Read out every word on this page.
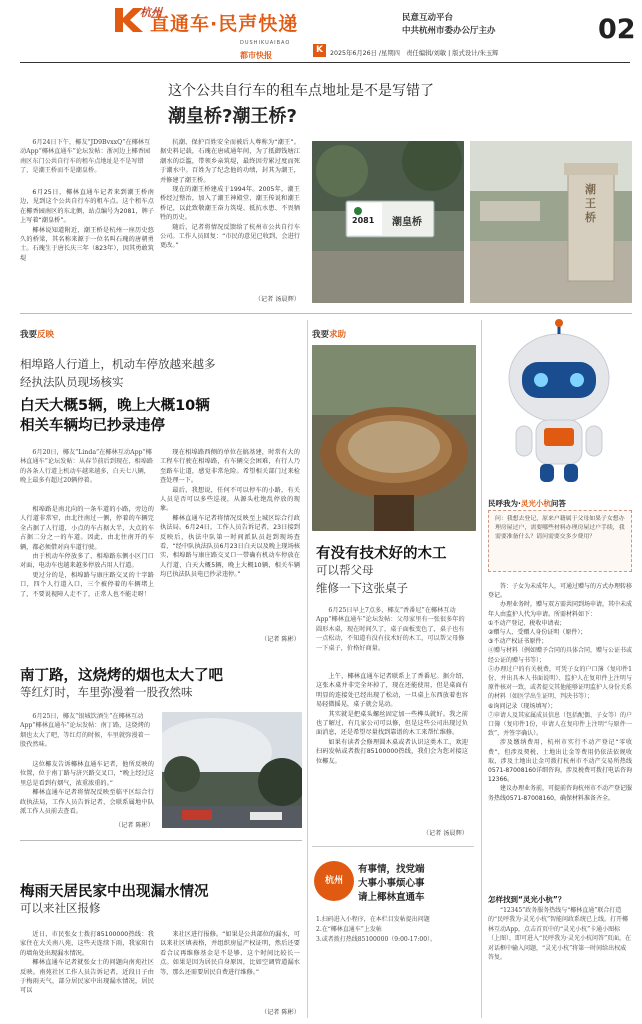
杭州
直通车·民声快递	民意互动平台
中共杭州市委办公厅主办	02
DUSHIKUAIBAO
都市快报
K	2025年6月26日 /星期四　责任编辑/刘敏 | 版式设计/朱玉辉
这个公共自行车的租车点地址是不是写错了
潮皇桥?潮王桥?

6月24日下午，椰友“JD9BvxxQ”在椰林互动App“椰林直通车”论坛发帖：浙河边上椰香园南区东门公共自行车的租车点地址是不是写错了，是潮王桥而不是潮皇桥。

6月25日，椰林直通车记者来到潮王桥南边，见到这个公共自行车的租车点。这个租车点在椰香园南区的东北侧，站点编号为2081，牌子上写着“潮皇桥”。

椰林说知道附近，潮王桥是杭州一座历史悠久的桥梁，其名称来源于一位名叫石瑰的唐朝勇士。石瑰生于唐长庆三年（823年），因其勇敢筑堤

抗潮、保护百姓安全而被后人尊称为“潮王”。据史料记载，石瑰在唐咸通年间，为了抵御钱塘江潮水的泛滥，带领乡亲筑堤，最终因劳累过度而死于潮水中。百姓为了纪念他的功绩，封其为潮王，并修建了潮王桥。

现在的潮王桥建成于1994年。2005年，潮王桥经过整治，加入了潮王神殿堂、潮王传说和潮王桥记，以此致敬潮王奋力筑堤、抵抗水患、不畏牺牲的历史。

随后，记者将情况反馈给了杭州市公共自行车公司。工作人员回复：“市民的意见已收到，会进行更改。”

（记者 汤晨辉）
2081 潮皇桥
潮王桥
我要反映
相埠路人行道上，机动车停放越来越多
经执法队员现场核实
白天大概5辆，晚上大概10辆
相关车辆均已抄录违停

6月20日，椰友“Linda”在椰林互动App“椰林直通车”论坛发帖：从春节前后到现在，相埠路的各条人行道上机动车越来越多，白天七八辆，晚上最多有超过20辆停着。

相埠路是南北向的一条车道的小路，旁边的人行道非常窄，由北往南过一侧，停着的车辆完全占据了人行道，小点的车占据大半，大点的车占据二分之一的车道。因此，由北往南开的车辆，都必须借对向车道行驶。

由于机动车停放多了，相埠路东侧小区门口对面，电动车也越来越多停放占用人行道。

更过分的是，相埠路与康庄路交叉的十字路口，四个人行道入口，三个被停着的车辆堵上了，不要说视障人走不了，正常人也不能走呀！

现在相埠路西侧的单位在搞基建，时常有大的工程车行驶在相埠路，有车辆交会困难，有行人乃至路车让道，感觉非常危险。希望相关部门过来检查处理一下。

最后，我想说，任何不可以停车的小路，有关人员是否可以多些巡视，从源头杜绝乱停放的现象。

椰林直通车记者将情况反映至上城区综合行政执法局。6月24日，工作人员告诉记者，23日接到反映后，执法中队第一时间派队员赶到现场查看，“经中队执法队员6月23日白天以及晚上现场核实，相埠路与康庄路交叉口一带确有机动车停放在人行道，白天大概5辆，晚上大概10辆，相关车辆均已执法队员电已抄录违停。”

（记者 陈彬）
南丁路，这烧烤的烟也太大了吧
等红灯时，车里弥漫着一股孜然味

6月25日，椰友“银城饮酒生”在椰林互动App“椰林直通车”论坛发帖：南丁路，这烧烤的烟也太大了吧，等红灯的时候，车里就弥漫着一股孜然味。

这位椰友告诉椰林直通车记者，他所反映的位置，位于南丁路与济兴路交叉口，“晚上经过这里总是看到有烟气，浓重浓重的。”

椰林直通车记者将情况反映至临平区综合行政执法局，工作人员告诉记者，会联系属地中队派工作人员前去查看。

（记者 陈彬）
梅雨天居民家中出现漏水情况
可以来社区报修

近日，市民张女士拨打85100000热线：我家住在大关南八苑，这些天连续下雨，我家阳台的墙角处出现漏水情况。

椰林直通车记者就张女士的问题向南苑社区反映。南苑社区工作人员告诉记者，近段日子由于梅雨天气，部分居民家中出现漏水情况，居民可以

来社区进行报修。“如果是公共部位的漏水，可以来社区填表格，并组织房屋产权证明，然后还要看合议再维修基金是不是够，这个时间比较长一点。如果是因为居民自身原因，比如空调管道漏水等，那么还需要居民自费进行维修。”

（记者 陈彬）
我要求助
有没有技术好的木工
可以帮父母
维修一下这张桌子

6月25日早上7点多，椰友“香番尼”在椰林互动App“椰林直通车”论坛发帖：父母家里有一张很多年的圆形木桌，现在时间久了，桌子面板变色了，桌子也有一点松动，不知道有没有技术好的木工，可以帮父母修一下桌子，价格好商量。

上午，椰林直通车记者联系上了香番尼。据介绍，这张木桌并非完全坏掉了，现在还能使用，但是桌面有明显的连接处已经出现了松动，一旦桌上东西放着也容易轻微摇晃，桌子就会晃动。

其实就是把桌头螺丝固定加一些榫头就好。我之前也了解过，有几家公司可以修，但是这些公司出现过负面消息，还是希望尽量找到靠谱的木工来帮忙维修。

如果有读者会修理圆木桌或者认识这类木工，欢迎扫码发帖或者拨打85100000热线，我们会为您对接这位椰友。

（记者 汤晨辉）
杭州
有事情，找党端
大事小事烦心事
请上椰林直通车
1.扫码进入小程序，在本栏目发帖提出问题
2.在“椰林直通车”上发帖
3.或者拨打热线85100000（9:00-17:00）。
民呼我为·灵光小杭问答
问：我想去登记，原来户籍属于父母如果子女想办理房屋过户，需要哪些材料办理房屋过户手续，我需要准备什么？请问需要交多少费用？

答：子女为未成年人，可通过赠与的方式办理转移登记。

办理业务时，赠与双方需共同到场申请，其中未成年人由监护人代为申请。所需材料如下：

①不动产登记、税收申请表；
②赠与人、受赠人身份证明（原件）；
③不动产权证书原件；
④赠与材料（例如赠予合同的具体合同，赠与公证书或经公证的赠与书等）；
⑤办理过户的有关税费，可凭子女的户口簿（复印件1份，并出具本人书面说明）、监护人在复印件上注明与原件核对一致，或者提交其他能够证明监护人身份关系的材料（如医学出生证明、判决书等）；
⑥询问记录（现场填写）；
⑦申请人及其家属成员信息（包括配偶、子女等）的户口簿（复印件1份，申请人在复印件上注明“与原件一致”，并签字确认）。

涉及缴纳费用，杭州市实行不动产登记“零收费”，但涉及契税、土地出让金等费用仍依法依规收取，涉及土地出让金可拨打杭州市不动产交易所热线0571-87008160详细咨询，涉及税费可拨打电话咨询12366。

建议办理业务前，可提前咨询杭州市不动产登记服务热线0571-87008160，确保材料准备齐全。

怎样找到“灵光小杭”？

“12345”政务服务热线与“椰林直通”联合打造的“民呼我为·灵光小杭”智能问政系统已上线。打开椰林互动App，点击首页中的“灵光小杭”卡通小图标（上图），即可进入“民呼我为·灵光小杭问答”页面，在对话框中输入问题，“灵光小杭”将第一时间给出权威答复。
